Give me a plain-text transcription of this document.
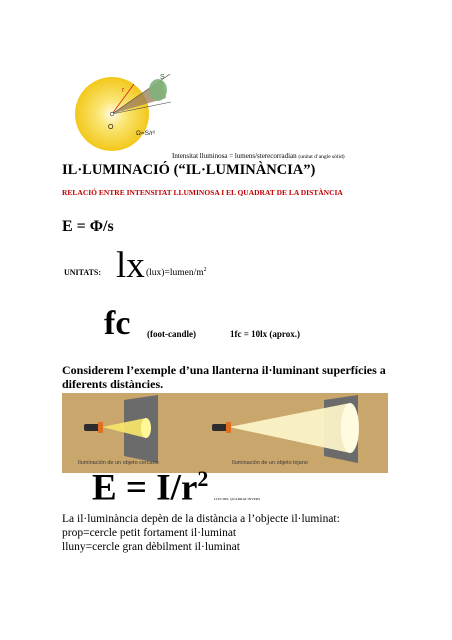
r
S
O
Ω=S/r²
Intensitat lluminosa = lumens/sterecorradian (unitat d’angle sòlid)
IL·LUMINACIÓ (“IL·LUMINÀNCIA”)
RELACIÓ ENTRE INTENSITAT LLUMINOSA I EL QUADRAT DE LA DISTÀNCIA
E = Φ/s
UNITATS: lx $(lux)=lumen/m^2$
fc (foot-candle)	1fc = 10lx (aprox.)
Considerem l’exemple d’una llanterna il·luminant superfícies a diferents distàncies.
Iluminación de un objeto cercano	Iluminación de un objeto lejano
$E = I/r^2$
LLEI DEL QUADRAT INVERS
La il·luminància depèn de la distància a l’objecte il·luminat:
prop=cercle petit fortament il·luminat
lluny=cercle gran dèbilment il·luminat
